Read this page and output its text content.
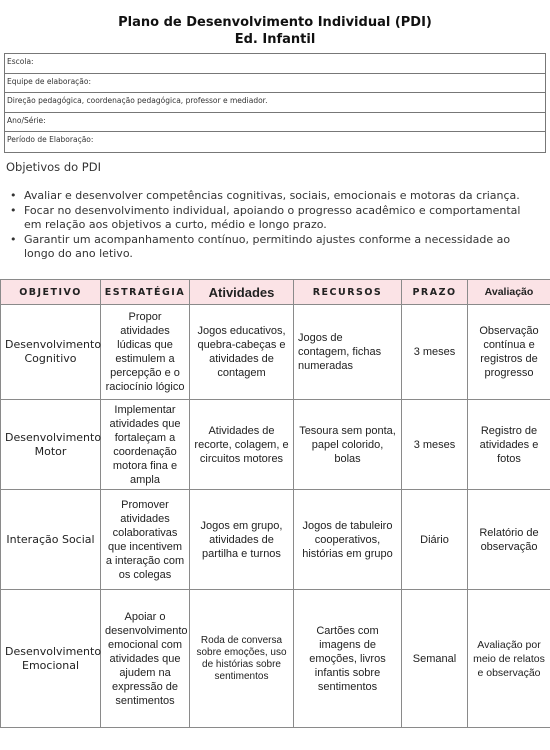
Plano de Desenvolvimento Individual (PDI)
Ed. Infantil
Escola:
Equipe de elaboração:
Direção pedagógica, coordenação pedagógica, professor e mediador.
Ano/Série:
Período de Elaboração:
Objetivos do PDI
• Avaliar e desenvolver competências cognitivas, sociais, emocionais e motoras da criança.
• Focar no desenvolvimento individual, apoiando o progresso acadêmico e comportamental em relação aos objetivos a curto, médio e longo prazo.
• Garantir um acompanhamento contínuo, permitindo ajustes conforme a necessidade ao longo do ano letivo.
OBJETIVO	ESTRATÉGIA	Atividades	RECURSOS	PRAZO	Avaliação
Desenvolvimento Cognitivo	Propor atividades lúdicas que estimulem a percepção e o raciocínio lógico	Jogos educativos, quebra-cabeças e atividades de contagem	Jogos de contagem, fichas numeradas	3 meses	Observação contínua e registros de progresso
Desenvolvimento Motor	Implementar atividades que fortaleçam a coordenação motora fina e ampla	Atividades de recorte, colagem, e circuitos motores	Tesoura sem ponta, papel colorido, bolas	3 meses	Registro de atividades e fotos
Interação Social	Promover atividades colaborativas que incentivem a interação com os colegas	Jogos em grupo, atividades de partilha e turnos	Jogos de tabuleiro cooperativos, histórias em grupo	Diário	Relatório de observação
Desenvolvimento Emocional	Apoiar o desenvolvimento emocional com atividades que ajudem na expressão de sentimentos	Roda de conversa sobre emoções, uso de histórias sobre sentimentos	Cartões com imagens de emoções, livros infantis sobre sentimentos	Semanal	Avaliação por meio de relatos e observação
